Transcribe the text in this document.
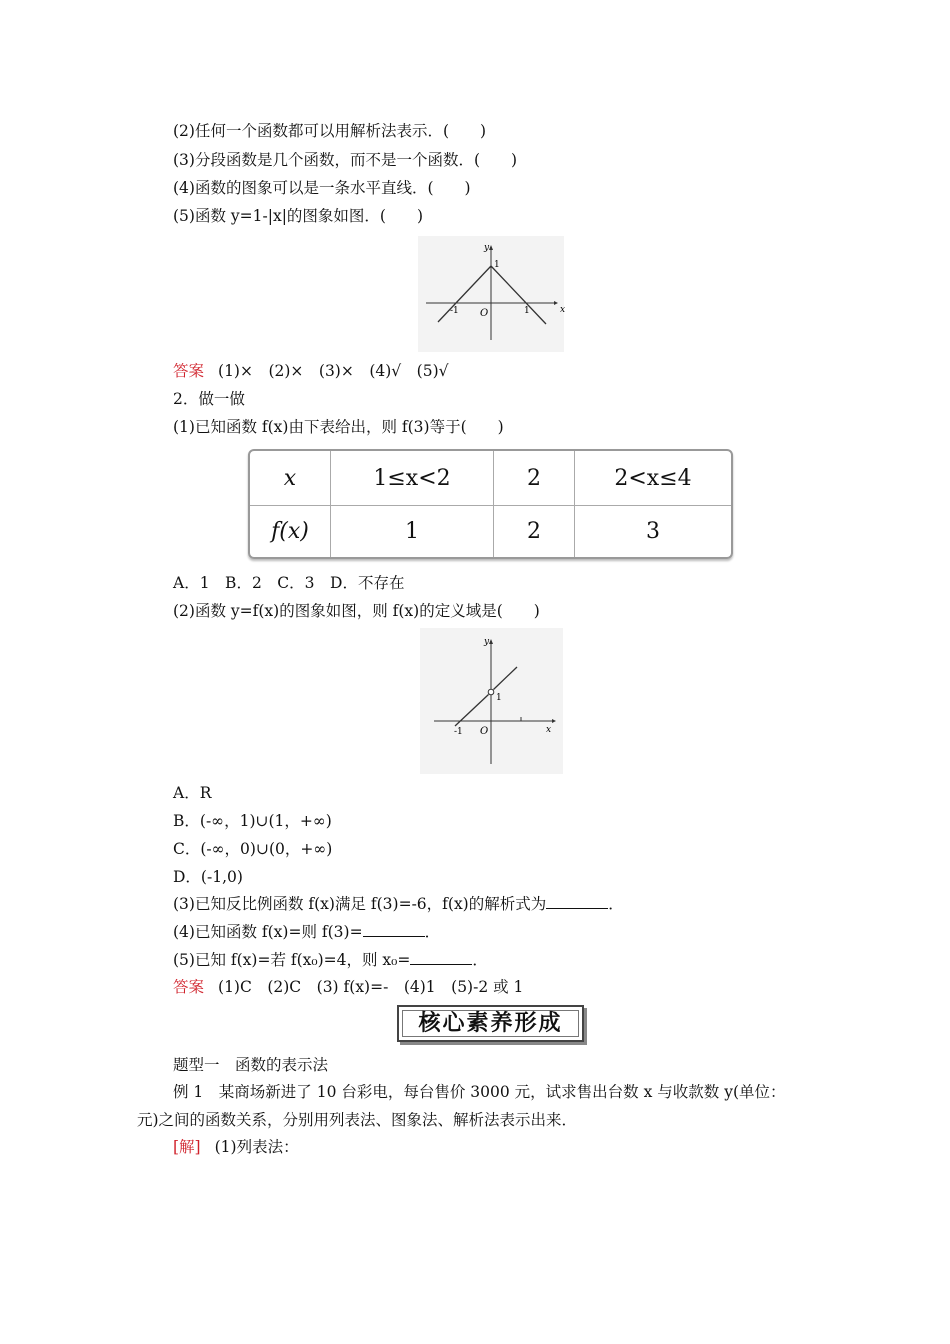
(2)任何一个函数都可以用解析法表示．(　　)
(3)分段函数是几个函数，而不是一个函数．(　　)
(4)函数的图象可以是一条水平直线．(　　)
(5)函数 y=1-|x|的图象如图．(　　)
y
x
1
-1 O	1
答案 (1)×　(2)×　(3)×　(4)√　(5)√
2．做一做
(1)已知函数 f(x)由下表给出，则 f(3)等于(　　)
x	1≤x<2	2	2<x≤4
f(x)	1	2	3
A．1　B．2　C．3　D．不存在
(2)函数 y=f(x)的图象如图，则 f(x)的定义域是(　　)
y
x
1
-1 O
A．R
B．(-∞，1)∪(1，+∞)
C．(-∞，0)∪(0，+∞)
D．(-1,0)
(3)已知反比例函数 f(x)满足 f(3)=-6，f(x)的解析式为	．
(4)已知函数 f(x)=则 f(3)=	．
(5)已知 f(x)=若 f(x₀)=4，则 x₀=	．
答案 (1)C　(2)C　(3) f(x)=-　(4)1　(5)-2 或 1
核心素养形成
题型一　函数的表示法
例 1　某商场新进了 10 台彩电，每台售价 3000 元，试求售出台数 x 与收款数 y(单位：
元)之间的函数关系，分别用列表法、图象法、解析法表示出来．
[解] (1)列表法：
